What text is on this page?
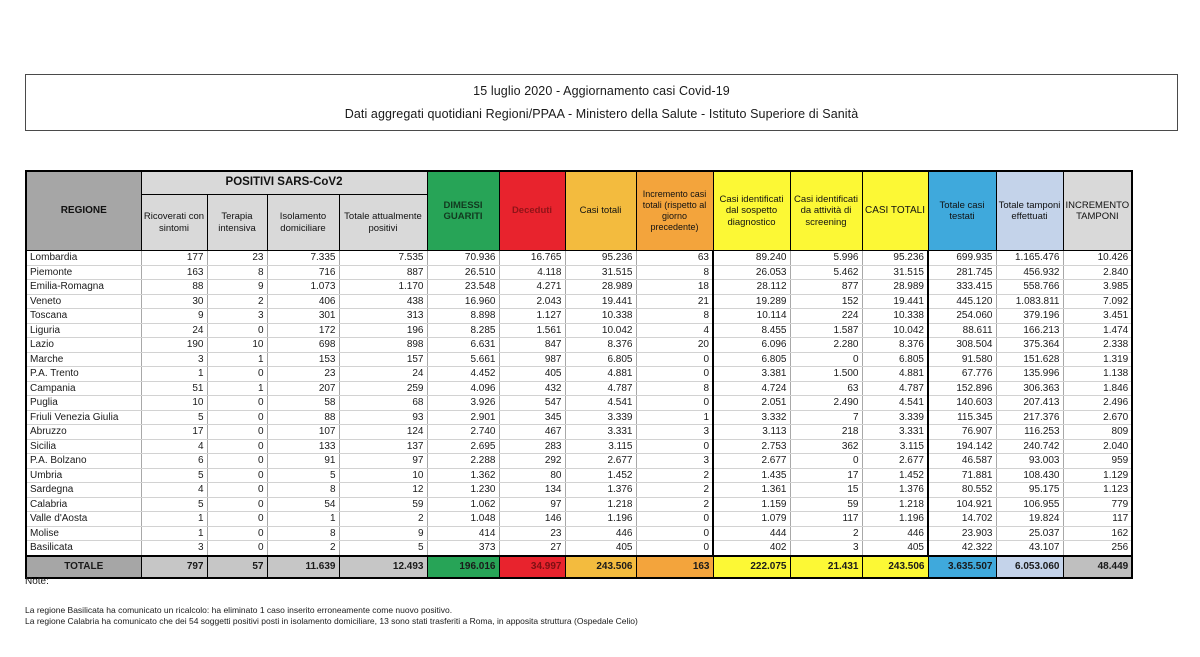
15 luglio 2020 - Aggiornamento casi Covid-19
Dati aggregati quotidiani Regioni/PPAA - Ministero della Salute - Istituto Superiore di Sanità
REGIONE	POSITIVI SARS-CoV2				DIMESSI GUARITI	Deceduti	Casi totali	Incremento casi totali (rispetto al giorno precedente)	Casi identificati dal sospetto diagnostico	Casi identificati da attività di screening	CASI TOTALI	Totale casi testati	Totale tamponi effettuati	INCREMENTO TAMPONI
	Ricoverati con sintomi	Terapia intensiva	Isolamento domiciliare	Totale attualmente positivi										
Lombardia	177	23	7.335	7.535	70.936	16.765	95.236	63	89.240	5.996	95.236	699.935	1.165.476	10.426
Piemonte	163	8	716	887	26.510	4.118	31.515	8	26.053	5.462	31.515	281.745	456.932	2.840
Emilia-Romagna	88	9	1.073	1.170	23.548	4.271	28.989	18	28.112	877	28.989	333.415	558.766	3.985
Veneto	30	2	406	438	16.960	2.043	19.441	21	19.289	152	19.441	445.120	1.083.811	7.092
Toscana	9	3	301	313	8.898	1.127	10.338	8	10.114	224	10.338	254.060	379.196	3.451
Liguria	24	0	172	196	8.285	1.561	10.042	4	8.455	1.587	10.042	88.611	166.213	1.474
Lazio	190	10	698	898	6.631	847	8.376	20	6.096	2.280	8.376	308.504	375.364	2.338
Marche	3	1	153	157	5.661	987	6.805	0	6.805	0	6.805	91.580	151.628	1.319
P.A. Trento	1	0	23	24	4.452	405	4.881	0	3.381	1.500	4.881	67.776	135.996	1.138
Campania	51	1	207	259	4.096	432	4.787	8	4.724	63	4.787	152.896	306.363	1.846
Puglia	10	0	58	68	3.926	547	4.541	0	2.051	2.490	4.541	140.603	207.413	2.496
Friuli Venezia Giulia	5	0	88	93	2.901	345	3.339	1	3.332	7	3.339	115.345	217.376	2.670
Abruzzo	17	0	107	124	2.740	467	3.331	3	3.113	218	3.331	76.907	116.253	809
Sicilia	4	0	133	137	2.695	283	3.115	0	2.753	362	3.115	194.142	240.742	2.040
P.A. Bolzano	6	0	91	97	2.288	292	2.677	3	2.677	0	2.677	46.587	93.003	959
Umbria	5	0	5	10	1.362	80	1.452	2	1.435	17	1.452	71.881	108.430	1.129
Sardegna	4	0	8	12	1.230	134	1.376	2	1.361	15	1.376	80.552	95.175	1.123
Calabria	5	0	54	59	1.062	97	1.218	2	1.159	59	1.218	104.921	106.955	779
Valle d'Aosta	1	0	1	2	1.048	146	1.196	0	1.079	117	1.196	14.702	19.824	117
Molise	1	0	8	9	414	23	446	0	444	2	446	23.903	25.037	162
Basilicata	3	0	2	5	373	27	405	0	402	3	405	42.322	43.107	256
TOTALE	797	57	11.639	12.493	196.016	34.997	243.506	163	222.075	21.431	243.506	3.635.507	6.053.060	48.449
Note:
La regione Basilicata ha comunicato un ricalcolo: ha eliminato 1 caso inserito erroneamente come nuovo positivo.
La regione Calabria ha comunicato che dei 54 soggetti positivi posti in isolamento domiciliare, 13 sono stati trasferiti a Roma, in apposita struttura (Ospedale Celio)
